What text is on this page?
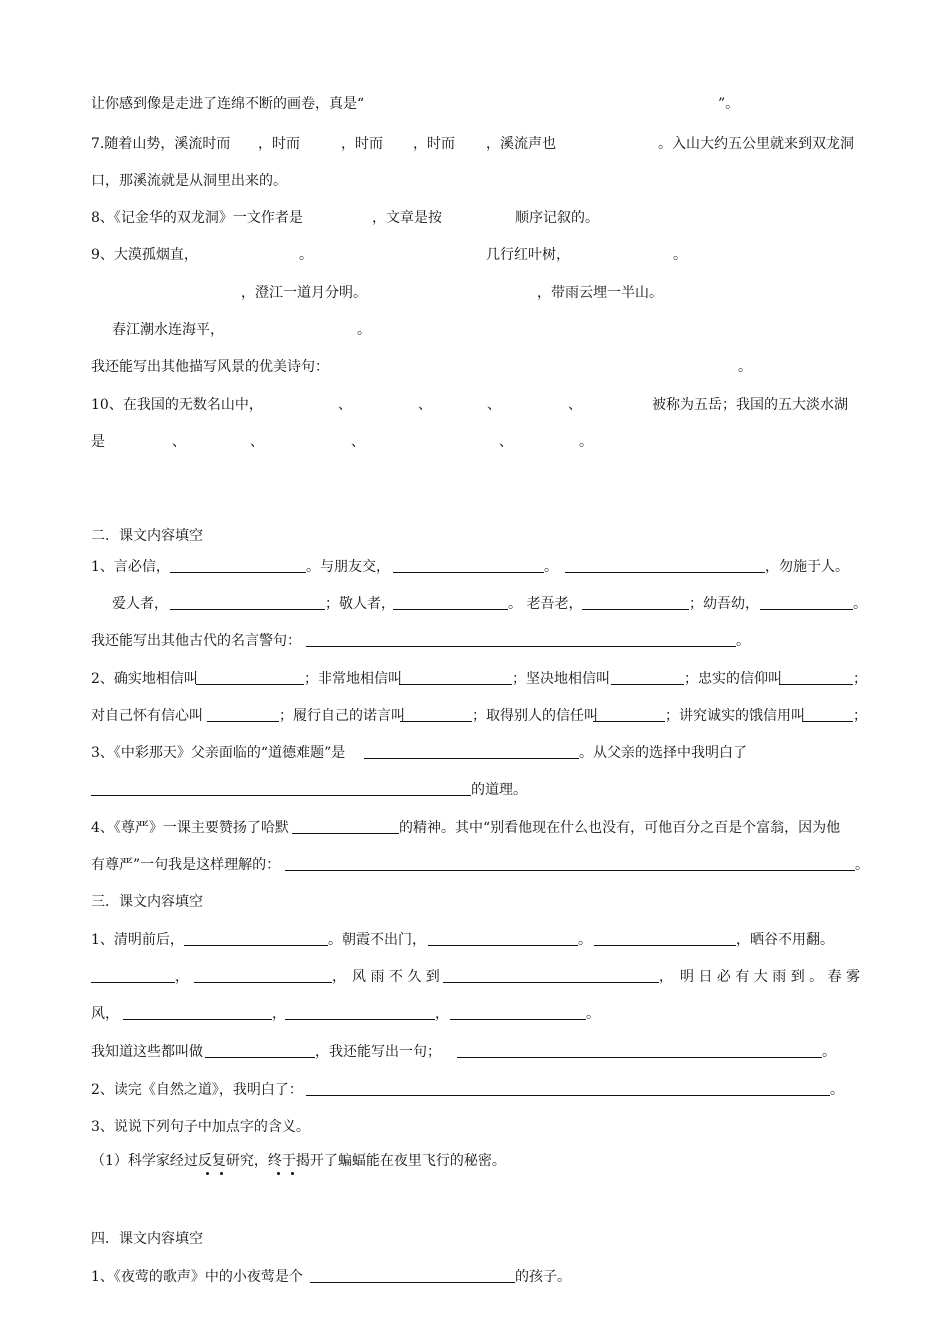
让你感到像是走进了连绵不断的画卷，真是“	”。
7.随着山势，溪流时而 ，时而	，时而 ，时而 ，溪流声也	。入山大约五公里就来到双龙洞
口，那溪流就是从洞里出来的。
8、《记金华的双龙洞》一文作者是	，文章是按	顺序记叙的。
9、大漠孤烟直，	。	几行红叶树，	。
，澄江一道月分明。	，带雨云埋一半山。
春江潮水连海平，	。
我还能写出其他描写风景的优美诗句：	。
10、在我国的无数名山中，	、	、	、	、	被称为五岳；我国的五大淡水湖
是	、	、	、	、	。
二．课文内容填空
1、言必信，	。与朋友交，	。	，勿施于人。
爱人者，	；敬人者，	。 老吾老，	；幼吾幼，	。
我还能写出其他古代的名言警句：	。
2、确实地相信叫	；非常地相信叫	；坚决地相信叫	；忠实的信仰叫	；
对自己怀有信心叫	；履行自己的诺言叫	；取得别人的信任叫	；讲究诚实的饿信用叫	；
3、《中彩那天》父亲面临的“道德难题”是	。从父亲的选择中我明白了
的道理。
4、《尊严》一课主要赞扬了哈默	的精神。其中“别看他现在什么也没有，可他百分之百是个富翁，因为他
有尊严”一句我是这样理解的：	。
三．课文内容填空
1、清明前后，	。朝霞不出门，	。	，晒谷不用翻。
，	， 风 雨 不 久 到	， 明 日 必 有 大 雨 到 。 春 雾
风，	，	，	。
我知道这些都叫做	，我还能写出一句；	。
2、读完《自然之道》，我明白了：	。
3、说说下列句子中加点字的含义。
（1）科学家经过反复研究，终于揭开了蝙蝠能在夜里飞行的秘密。
四．课文内容填空
1、《夜莺的歌声》中的小夜莺是个	的孩子。
